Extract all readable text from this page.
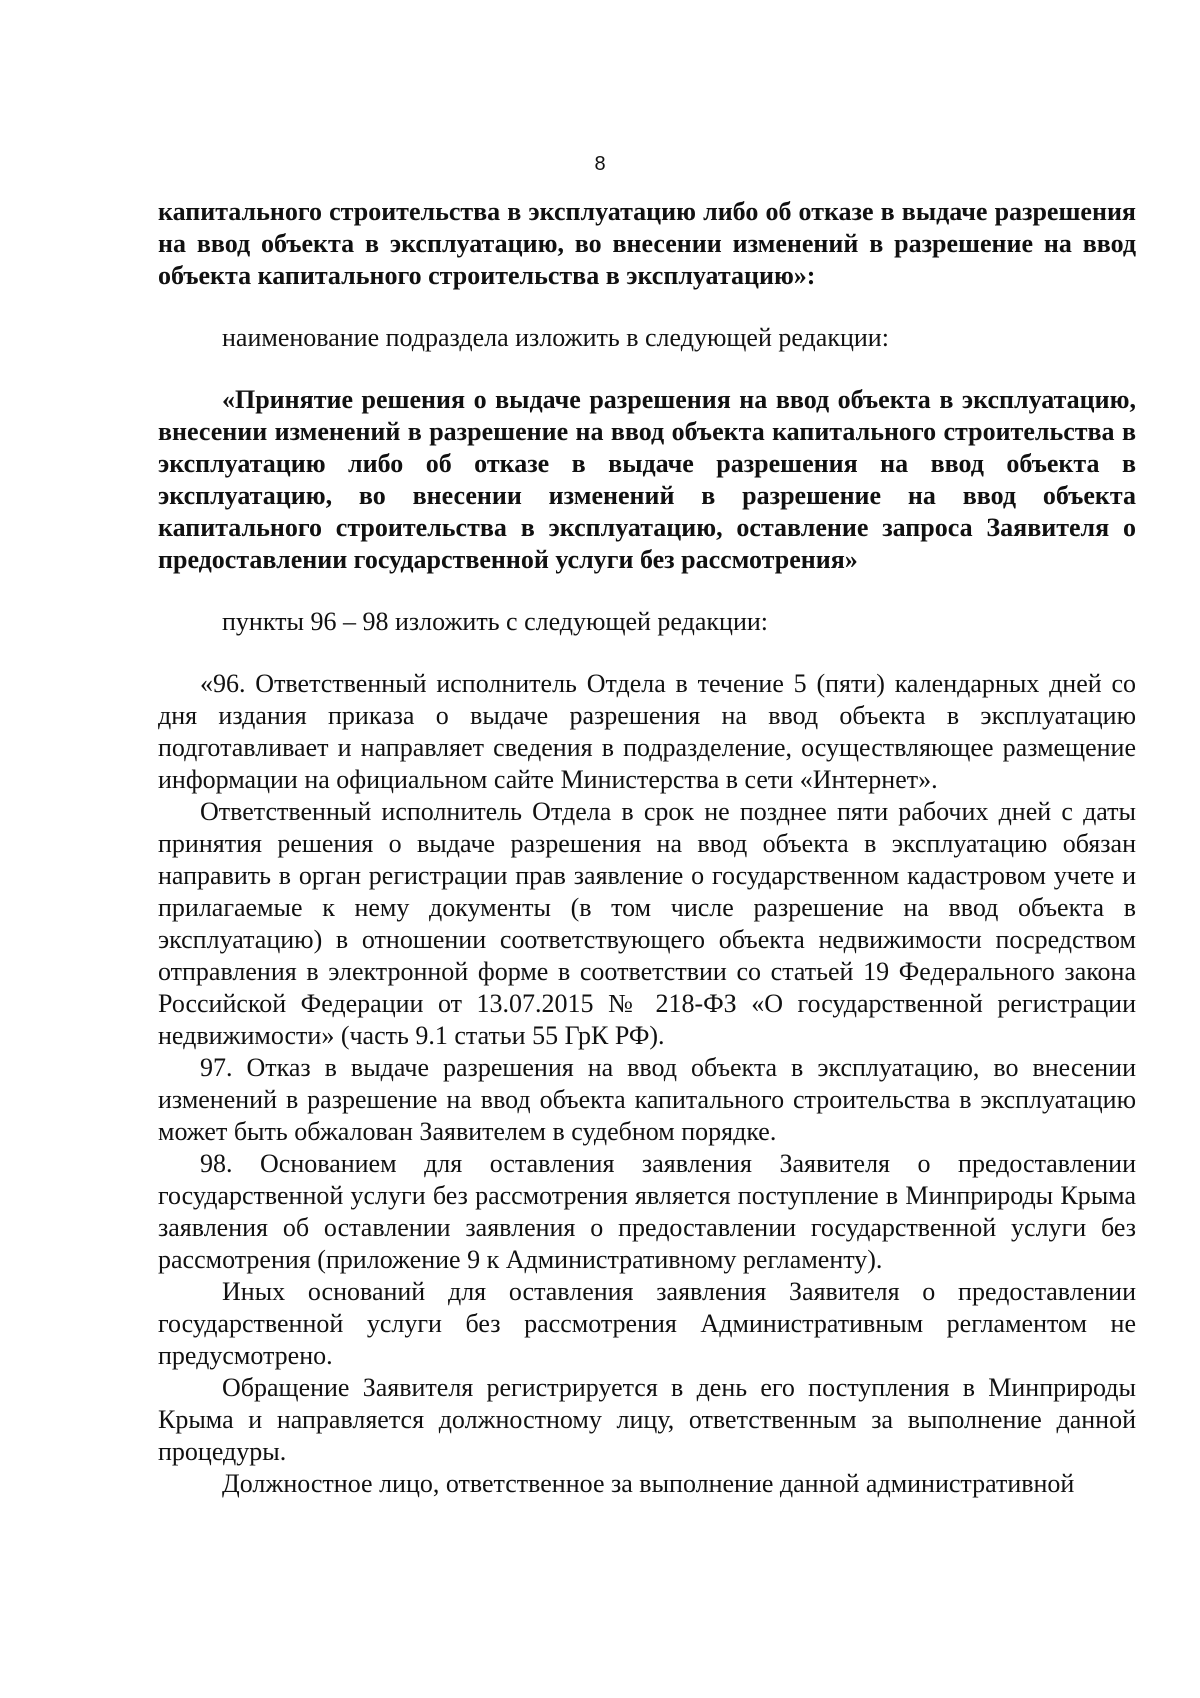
8

капитального строительства в эксплуатацию либо об отказе в выдаче разрешения на ввод объекта в эксплуатацию, во внесении изменений в разрешение на ввод объекта капитального строительства в эксплуатацию»:

наименование подраздела изложить в следующей редакции:

«Принятие решения о выдаче разрешения на ввод объекта в эксплуатацию, внесении изменений в разрешение на ввод объекта капитального строительства в эксплуатацию либо об отказе в выдаче разрешения на ввод объекта в эксплуатацию, во внесении изменений в разрешение на ввод объекта капитального строительства в эксплуатацию, оставление запроса Заявителя о предоставлении государственной услуги без рассмотрения»

пункты 96 – 98 изложить с следующей редакции:

«96. Ответственный исполнитель Отдела в течение 5 (пяти) календарных дней со дня издания приказа о выдаче разрешения на ввод объекта в эксплуатацию подготавливает и направляет сведения в подразделение, осуществляющее размещение информации на официальном сайте Министерства в сети «Интернет».

Ответственный исполнитель Отдела в срок не позднее пяти рабочих дней с даты принятия решения о выдаче разрешения на ввод объекта в эксплуатацию обязан направить в орган регистрации прав заявление о государственном кадастровом учете и прилагаемые к нему документы (в том числе разрешение на ввод объекта в эксплуатацию) в отношении соответствующего объекта недвижимости посредством отправления в электронной форме в соответствии со статьей 19 Федерального закона Российской Федерации от 13.07.2015 № 218-ФЗ «О государственной регистрации недвижимости» (часть 9.1 статьи 55 ГрК РФ).

97. Отказ в выдаче разрешения на ввод объекта в эксплуатацию, во внесении изменений в разрешение на ввод объекта капитального строительства в эксплуатацию может быть обжалован Заявителем в судебном порядке.

98. Основанием для оставления заявления Заявителя о предоставлении государственной услуги без рассмотрения является поступление в Минприроды Крыма заявления об оставлении заявления о предоставлении государственной услуги без рассмотрения (приложение 9 к Административному регламенту).

Иных оснований для оставления заявления Заявителя о предоставлении государственной услуги без рассмотрения Административным регламентом не предусмотрено.

Обращение Заявителя регистрируется в день его поступления в Минприроды Крыма и направляется должностному лицу, ответственным за выполнение данной процедуры.

Должностное лицо, ответственное за выполнение данной административной
